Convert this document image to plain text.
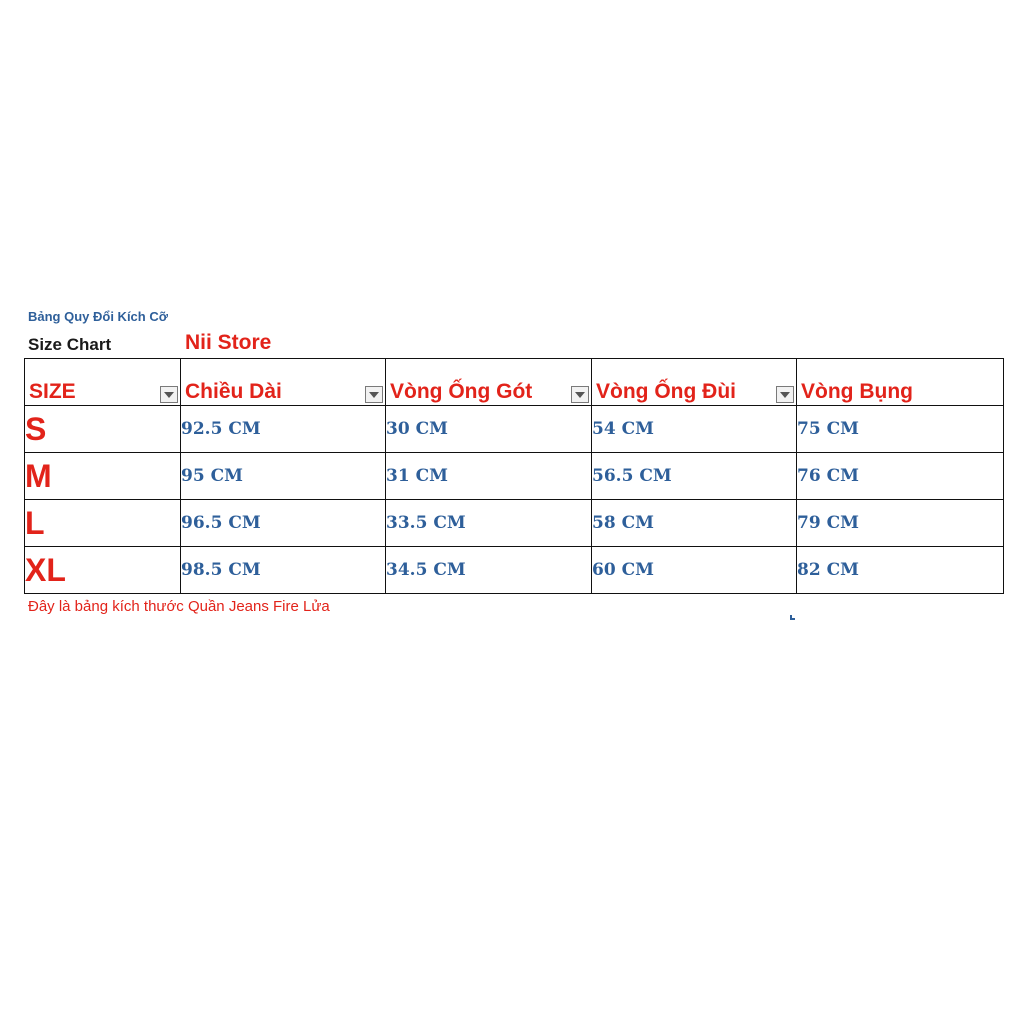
Bảng Quy Đổi Kích Cỡ
Size Chart	Nii Store
SIZE	Chiều Dài	Vòng Ống Gót	Vòng Ống Đùi	Vòng Bụng

S	92.5 CM	30 CM	54 CM	75 CM
M	95 CM	31 CM	56.5 CM	76 CM
L	96.5 CM	33.5 CM	58 CM	79 CM
XL	98.5 CM	34.5 CM	60 CM	82 CM
Đây là bảng kích thước Quần Jeans Fire Lửa
